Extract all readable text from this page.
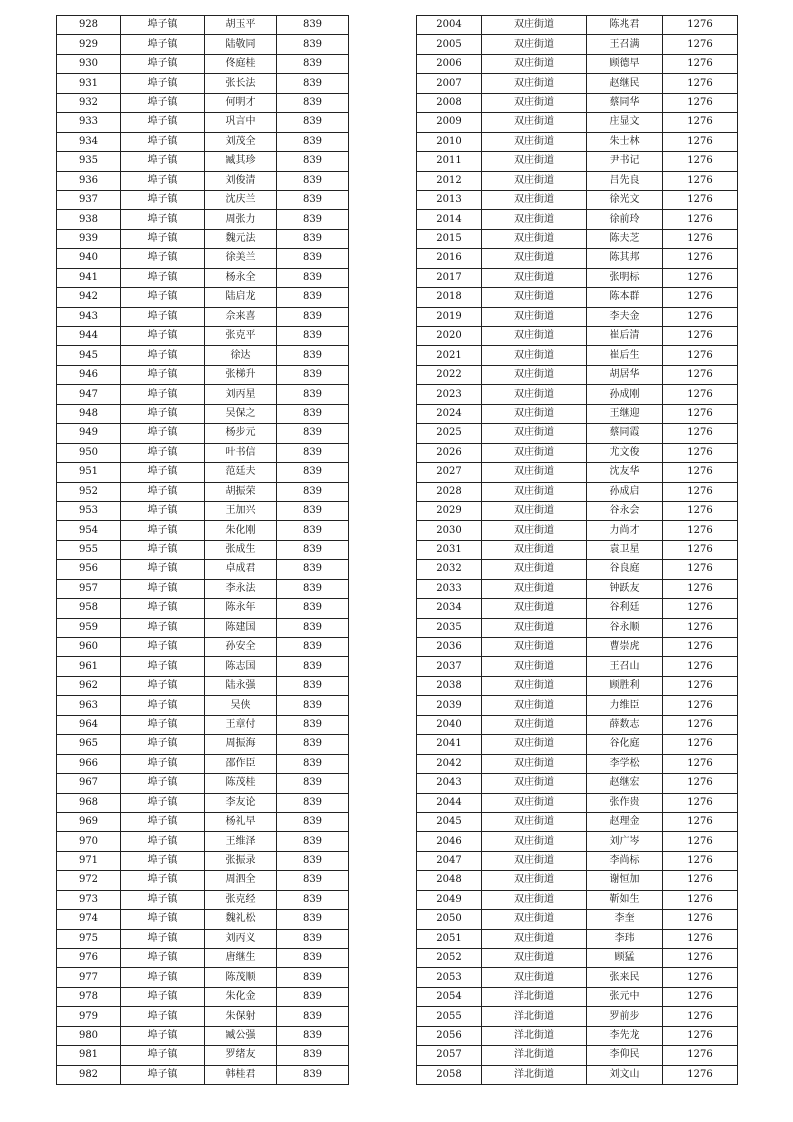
928	埠子镇	胡玉平	839
929	埠子镇	陆敬同	839
930	埠子镇	佟庭桂	839
931	埠子镇	张长法	839
932	埠子镇	何明才	839
933	埠子镇	巩言中	839
934	埠子镇	刘茂全	839
935	埠子镇	臧其珍	839
936	埠子镇	刘俊清	839
937	埠子镇	沈庆兰	839
938	埠子镇	周张力	839
939	埠子镇	魏元法	839
940	埠子镇	徐美兰	839
941	埠子镇	杨永全	839
942	埠子镇	陆启龙	839
943	埠子镇	佘来喜	839
944	埠子镇	张克平	839
945	埠子镇	徐达	839
946	埠子镇	张梯升	839
947	埠子镇	刘丙星	839
948	埠子镇	吴保之	839
949	埠子镇	杨步元	839
950	埠子镇	叶书信	839
951	埠子镇	范廷夫	839
952	埠子镇	胡振荣	839
953	埠子镇	王加兴	839
954	埠子镇	朱化刚	839
955	埠子镇	张成生	839
956	埠子镇	卓成君	839
957	埠子镇	李永法	839
958	埠子镇	陈永年	839
959	埠子镇	陈建国	839
960	埠子镇	孙安全	839
961	埠子镇	陈志国	839
962	埠子镇	陆永强	839
963	埠子镇	吴侠	839
964	埠子镇	王章付	839
965	埠子镇	周振海	839
966	埠子镇	邵作臣	839
967	埠子镇	陈茂桂	839
968	埠子镇	李友论	839
969	埠子镇	杨礼早	839
970	埠子镇	王维泽	839
971	埠子镇	张振录	839
972	埠子镇	周泗全	839
973	埠子镇	张克经	839
974	埠子镇	魏礼松	839
975	埠子镇	刘丙义	839
976	埠子镇	唐继生	839
977	埠子镇	陈茂顺	839
978	埠子镇	朱化金	839
979	埠子镇	朱保射	839
980	埠子镇	臧公强	839
981	埠子镇	罗绪友	839
982	埠子镇	韩桂君	839
2004	双庄街道	陈兆君	1276
2005	双庄街道	王召满	1276
2006	双庄街道	顾德早	1276
2007	双庄街道	赵继民	1276
2008	双庄街道	蔡同华	1276
2009	双庄街道	庄显文	1276
2010	双庄街道	朱士林	1276
2011	双庄街道	尹书记	1276
2012	双庄街道	吕先良	1276
2013	双庄街道	徐光文	1276
2014	双庄街道	徐前玲	1276
2015	双庄街道	陈夫芝	1276
2016	双庄街道	陈其邦	1276
2017	双庄街道	张明标	1276
2018	双庄街道	陈本群	1276
2019	双庄街道	李夫金	1276
2020	双庄街道	崔后清	1276
2021	双庄街道	崔后生	1276
2022	双庄街道	胡居华	1276
2023	双庄街道	孙成刚	1276
2024	双庄街道	王继迎	1276
2025	双庄街道	蔡同霞	1276
2026	双庄街道	尤文俊	1276
2027	双庄街道	沈友华	1276
2028	双庄街道	孙成启	1276
2029	双庄街道	谷永会	1276
2030	双庄街道	力尚才	1276
2031	双庄街道	袁卫星	1276
2032	双庄街道	谷良庭	1276
2033	双庄街道	钟跃友	1276
2034	双庄街道	谷利廷	1276
2035	双庄街道	谷永顺	1276
2036	双庄街道	曹崇虎	1276
2037	双庄街道	王召山	1276
2038	双庄街道	顾胜利	1276
2039	双庄街道	力维臣	1276
2040	双庄街道	薛数志	1276
2041	双庄街道	谷化庭	1276
2042	双庄街道	李学松	1276
2043	双庄街道	赵继宏	1276
2044	双庄街道	张作贵	1276
2045	双庄街道	赵理金	1276
2046	双庄街道	刘广岑	1276
2047	双庄街道	李尚标	1276
2048	双庄街道	谢恒加	1276
2049	双庄街道	靳如生	1276
2050	双庄街道	李奎	1276
2051	双庄街道	李玮	1276
2052	双庄街道	顾猛	1276
2053	双庄街道	张来民	1276
2054	洋北街道	张元中	1276
2055	洋北街道	罗前步	1276
2056	洋北街道	李先龙	1276
2057	洋北街道	李仰民	1276
2058	洋北街道	刘文山	1276
